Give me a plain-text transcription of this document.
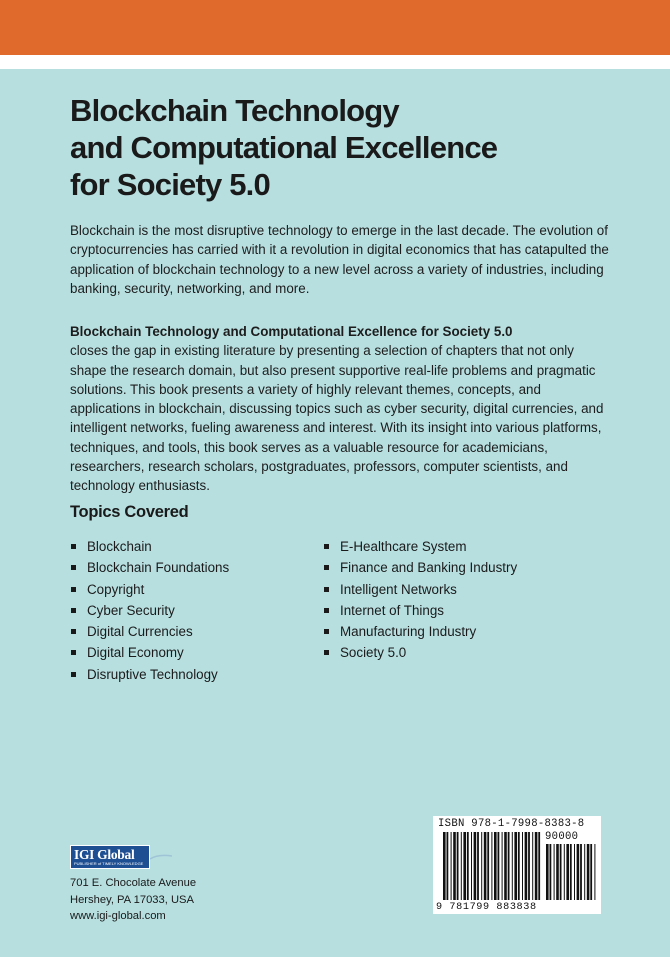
Blockchain Technology
and Computational Excellence
for Society 5.0
Blockchain is the most disruptive technology to emerge in the last decade. The evolution of cryptocurrencies has carried with it a revolution in digital economics that has catapulted the application of blockchain technology to a new level across a variety of industries, including banking, security, networking, and more.
Blockchain Technology and Computational Excellence for Society 5.0
closes the gap in existing literature by presenting a selection of chapters that not only shape the research domain, but also present supportive real-life problems and pragmatic solutions. This book presents a variety of highly relevant themes, concepts, and applications in blockchain, discussing topics such as cyber security, digital currencies, and intelligent networks, fueling awareness and interest. With its insight into various platforms, techniques, and tools, this book serves as a valuable resource for academicians, researchers, research scholars, postgraduates, professors, computer scientists, and technology enthusiasts.
Topics Covered
Blockchain
Blockchain Foundations
Copyright
Cyber Security
Digital Currencies
Digital Economy
Disruptive Technology
E-Healthcare System
Finance and Banking Industry
Intelligent Networks
Internet of Things
Manufacturing Industry
Society 5.0
IGI Global
PUBLISHER of TIMELY KNOWLEDGE
701 E. Chocolate Avenue
Hershey, PA 17033, USA
www.igi-global.com
ISBN 978-1-7998-8383-8
90000
9 781799 883838
